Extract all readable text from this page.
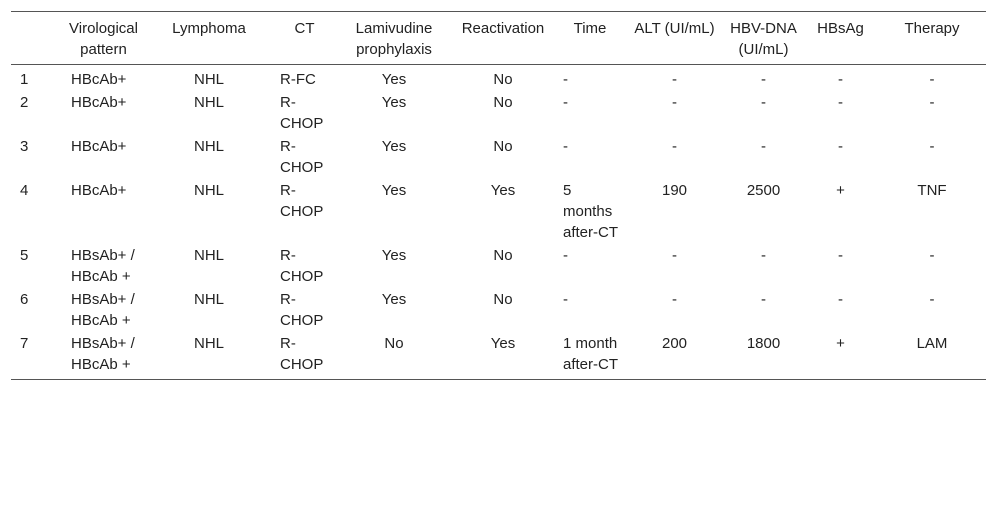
	Virological pattern	Lymphoma	CT	Lamivudine prophylaxis	Reactivation	Time	ALT (UI/mL)	HBV-DNA (UI/mL)	HBsAg	Therapy
1	HBcAb+	NHL	R-FC	Yes	No	-	-	-	-	-
2	HBcAb+	NHL	R-CHOP	Yes	No	-	-	-	-	-
3	HBcAb+	NHL	R-CHOP	Yes	No	-	-	-	-	-
4	HBcAb+	NHL	R-CHOP	Yes	Yes	5 months after-CT	190	2500	+	TNF
5	HBsAb+ / HBcAb +	NHL	R-CHOP	Yes	No	-	-	-	-	-
6	HBsAb+ / HBcAb +	NHL	R-CHOP	Yes	No	-	-	-	-	-
7	HBsAb+ / HBcAb +	NHL	R-CHOP	No	Yes	1 month after-CT	200	1800	+	LAM
